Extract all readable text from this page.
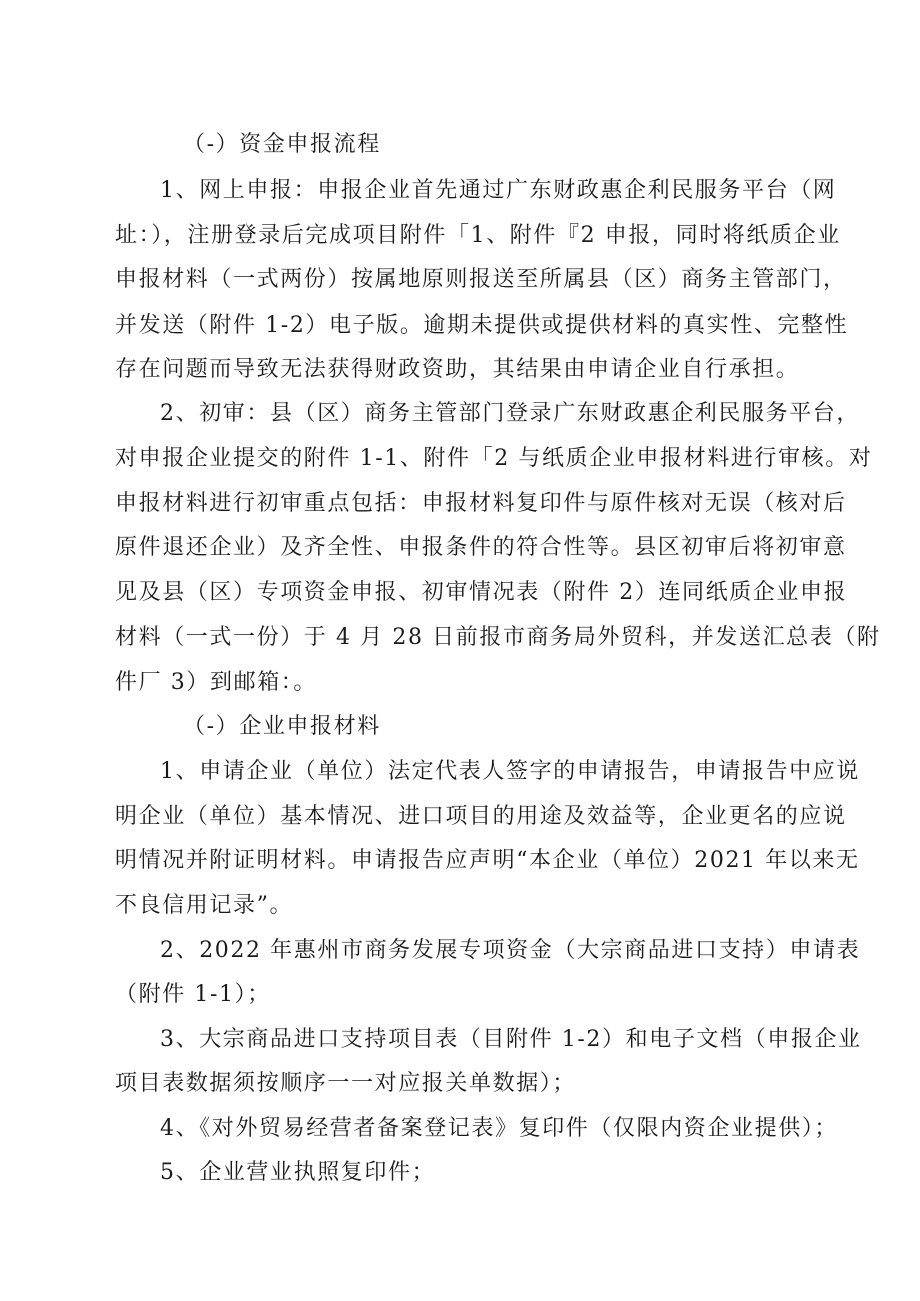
（-）资金申报流程
1、网上申报：申报企业首先通过广东财政惠企利民服务平台（网
址：），注册登录后完成项目附件「1、附件『2 申报，同时将纸质企业
申报材料（一式两份）按属地原则报送至所属县（区）商务主管部门，
并发送（附件 1-2）电子版。逾期未提供或提供材料的真实性、完整性
存在问题而导致无法获得财政资助，其结果由申请企业自行承担。
2、初审：县（区）商务主管部门登录广东财政惠企利民服务平台，
对申报企业提交的附件 1-1、附件「2 与纸质企业申报材料进行审核。对
申报材料进行初审重点包括：申报材料复印件与原件核对无误（核对后
原件退还企业）及齐全性、申报条件的符合性等。县区初审后将初审意
见及县（区）专项资金申报、初审情况表（附件 2）连同纸质企业申报
材料（一式一份）于 4 月 28 日前报市商务局外贸科，并发送汇总表（附
件厂 3）到邮箱：。
（-）企业申报材料
1、申请企业（单位）法定代表人签字的申请报告，申请报告中应说
明企业（单位）基本情况、进口项目的用途及效益等，企业更名的应说
明情况并附证明材料。申请报告应声明“本企业（单位）2021 年以来无
不良信用记录”。
2、2022 年惠州市商务发展专项资金（大宗商品进口支持）申请表
（附件 1-1）；
3、大宗商品进口支持项目表（目附件 1-2）和电子文档（申报企业
项目表数据须按顺序一一对应报关单数据）；
4、《对外贸易经营者备案登记表》复印件（仅限内资企业提供）；
5、企业营业执照复印件；
